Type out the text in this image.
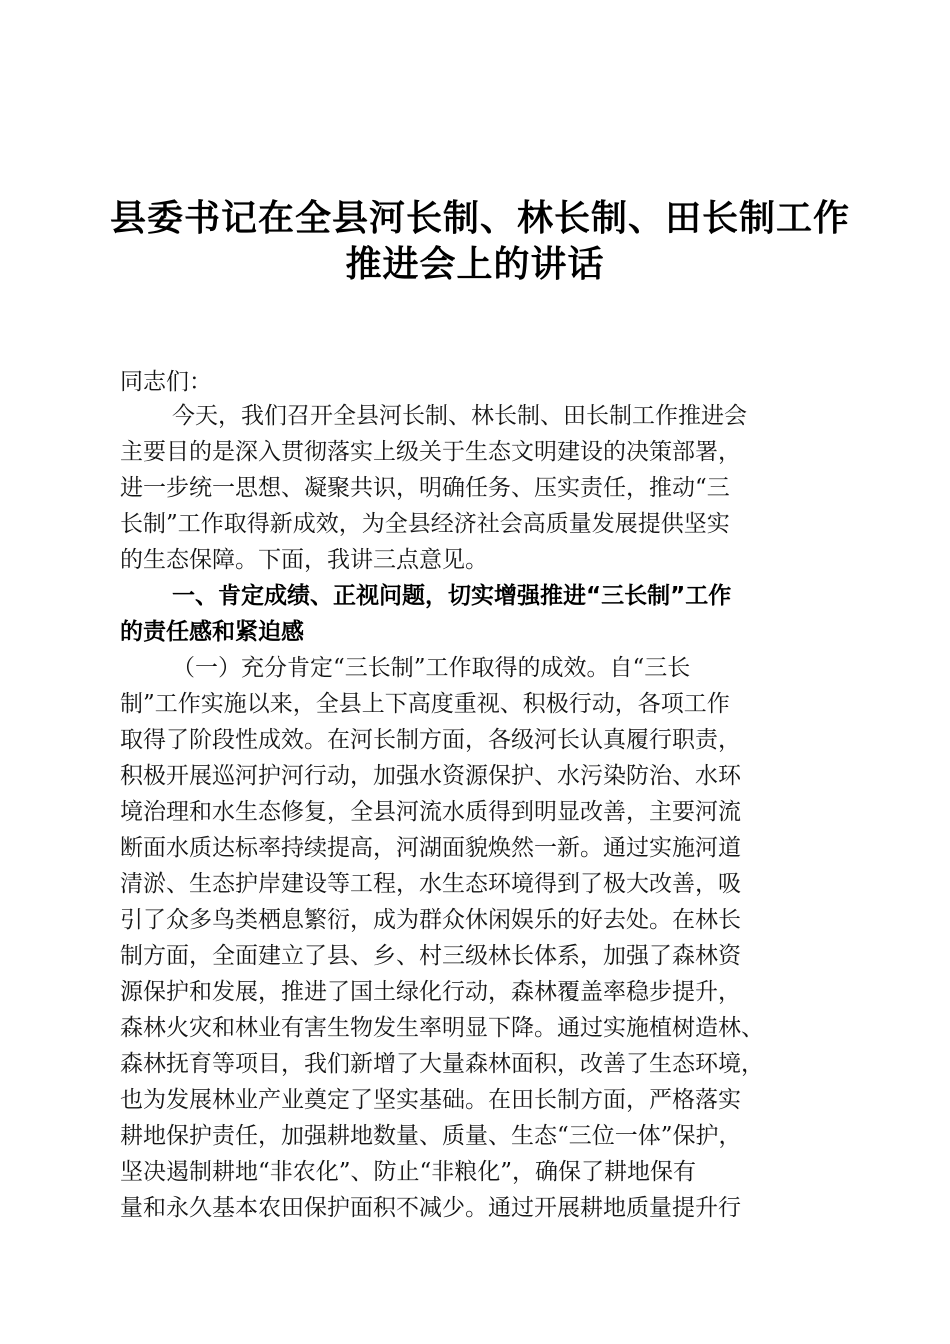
县委书记在全县河长制、林长制、田长制工作
推进会上的讲话
同志们：
今天，我们召开全县河长制、林长制、田长制工作推进会
主要目的是深入贯彻落实上级关于生态文明建设的决策部署，
进一步统一思想、凝聚共识，明确任务、压实责任，推动“三
长制”工作取得新成效，为全县经济社会高质量发展提供坚实
的生态保障。下面，我讲三点意见。
一、肯定成绩、正视问题，切实增强推进“三长制”工作
的责任感和紧迫感
（一）充分肯定“三长制”工作取得的成效。自“三长
制”工作实施以来，全县上下高度重视、积极行动，各项工作
取得了阶段性成效。在河长制方面，各级河长认真履行职责，
积极开展巡河护河行动，加强水资源保护、水污染防治、水环
境治理和水生态修复，全县河流水质得到明显改善，主要河流
断面水质达标率持续提高，河湖面貌焕然一新。通过实施河道
清淤、生态护岸建设等工程，水生态环境得到了极大改善，吸
引了众多鸟类栖息繁衍，成为群众休闲娱乐的好去处。在林长
制方面，全面建立了县、乡、村三级林长体系，加强了森林资
源保护和发展，推进了国土绿化行动，森林覆盖率稳步提升，
森林火灾和林业有害生物发生率明显下降。通过实施植树造林、
森林抚育等项目，我们新增了大量森林面积，改善了生态环境，
也为发展林业产业奠定了坚实基础。在田长制方面，严格落实
耕地保护责任，加强耕地数量、质量、生态“三位一体”保护，
坚决遏制耕地“非农化”、防止“非粮化”，确保了耕地保有
量和永久基本农田保护面积不减少。通过开展耕地质量提升行
